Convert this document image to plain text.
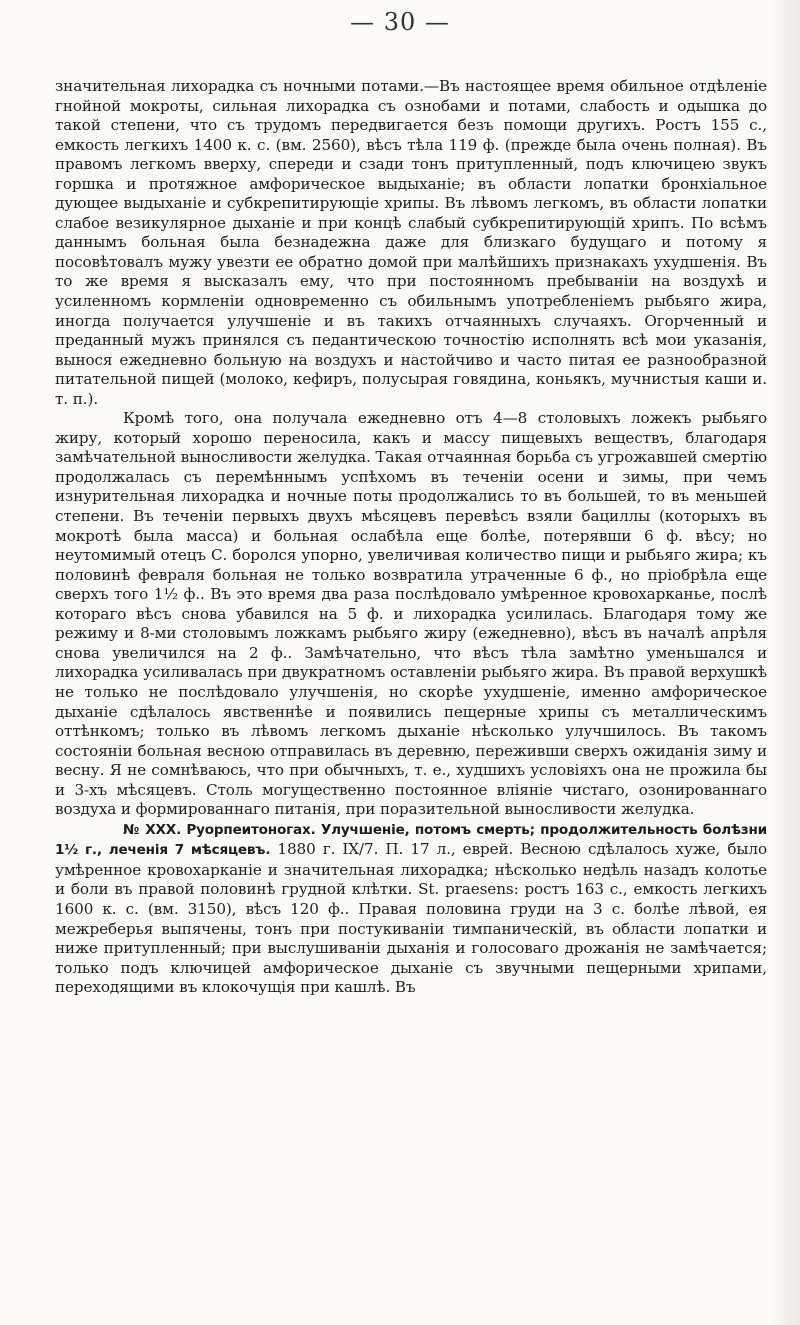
— 30 —

значительная лихорадка съ ночными потами.—Въ настоящее время обильное отдѣленіе гнойной мокроты, сильная лихорадка съ ознобами и потами, слабость и одышка до такой степени, что съ трудомъ передвигается безъ помощи другихъ. Ростъ 155 с., емкость легкихъ 1400 к. с. (вм. 2560), вѣсъ тѣла 119 ф. (прежде была очень полная). Въ правомъ легкомъ вверху, спереди и сзади тонъ притупленный, подъ ключицею звукъ горшка и протяжное амфорическое выдыханіе; въ области лопатки бронхіальное дующее выдыханіе и субкрепитирующіе хрипы. Въ лѣвомъ легкомъ, въ области лопатки слабое везикулярное дыханіе и при концѣ слабый субкрепитирующій хрипъ. По всѣмъ даннымъ больная была безнадежна даже для близкаго будущаго и потому я посовѣтовалъ мужу увезти ее обратно домой при малѣйшихъ признакахъ ухудшенія. Въ то же время я высказалъ ему, что при постоянномъ пребываніи на воздухѣ и усиленномъ кормленіи одновременно съ обильнымъ употребленіемъ рыбьяго жира, иногда получается улучшеніе и въ такихъ отчаянныхъ случаяхъ. Огорченный и преданный мужъ принялся съ педантическою точностію исполнять всѣ мои указанія, вынося ежедневно больную на воздухъ и настойчиво и часто питая ее разнообразной питательной пищей (молоко, кефиръ, полусырая говядина, коньякъ, мучнистыя каши и. т. п.).

Кромѣ того, она получала ежедневно отъ 4—8 столовыхъ ложекъ рыбьяго жиру, который хорошо переносила, какъ и массу пищевыхъ веществъ, благодаря замѣчательной выносливости желудка. Такая отчаянная борьба съ угрожавшей смертію продолжалась съ перемѣннымъ успѣхомъ въ теченіи осени и зимы, при чемъ изнурительная лихорадка и ночные поты продолжались то въ большей, то въ меньшей степени. Въ теченіи первыхъ двухъ мѣсяцевъ перевѣсъ взяли бациллы (которыхъ въ мокротѣ была масса) и больная ослабѣла еще болѣе, потерявши 6 ф. вѣсу; но неутомимый отецъ С. боролся упорно, увеличивая количество пищи и рыбьяго жира; къ половинѣ февраля больная не только возвратила утраченные 6 ф., но пріобрѣла еще сверхъ того 1½ ф.. Въ это время два раза послѣдовало умѣренное кровохарканье, послѣ котораго вѣсъ снова убавился на 5 ф. и лихорадка усилилась. Благодаря тому же режиму и 8-ми столовымъ ложкамъ рыбьяго жиру (ежедневно), вѣсъ въ началѣ апрѣля снова увеличился на 2 ф.. Замѣчательно, что вѣсъ тѣла замѣтно уменьшался и лихорадка усиливалась при двукратномъ оставленіи рыбьяго жира. Въ правой верхушкѣ не только не послѣдовало улучшенія, но скорѣе ухудшеніе, именно амфорическое дыханіе сдѣлалось явственнѣе и появились пещерные хрипы съ металлическимъ оттѣнкомъ; только въ лѣвомъ легкомъ дыханіе нѣсколько улучшилось. Въ такомъ состояніи больная весною отправилась въ деревню, переживши сверхъ ожиданія зиму и весну. Я не сомнѣваюсь, что при обычныхъ, т. е., худшихъ условіяхъ она не прожила бы и 3-хъ мѣсяцевъ. Столь могущественно постоянное вліяніе чистаго, озонированнаго воздуха и формированнаго питанія, при поразительной выносливости желудка.

№ XXX. Руорпеитоногах. Улучшеніе, потомъ смерть; продолжительность болѣзни 1½ г., леченія 7 мѣсяцевъ. 1880 г. IX/7. П. 17 л., еврей. Весною сдѣлалось хуже, было умѣренное кровохарканіе и значительная лихорадка; нѣсколько недѣль назадъ колотье и боли въ правой половинѣ грудной клѣтки. St. praesens: ростъ 163 с., емкость легкихъ 1600 к. с. (вм. 3150), вѣсъ 120 ф.. Правая половина груди на 3 с. болѣе лѣвой, ея межреберья выпячены, тонъ при постукиваніи тимпаническій, въ области лопатки и ниже притупленный; при выслушиваніи дыханія и голосоваго дрожанія не замѣчается; только подъ ключицей амфорическое дыханіе съ звучными пещерными хрипами, переходящими въ клокочущія при кашлѣ. Въ
